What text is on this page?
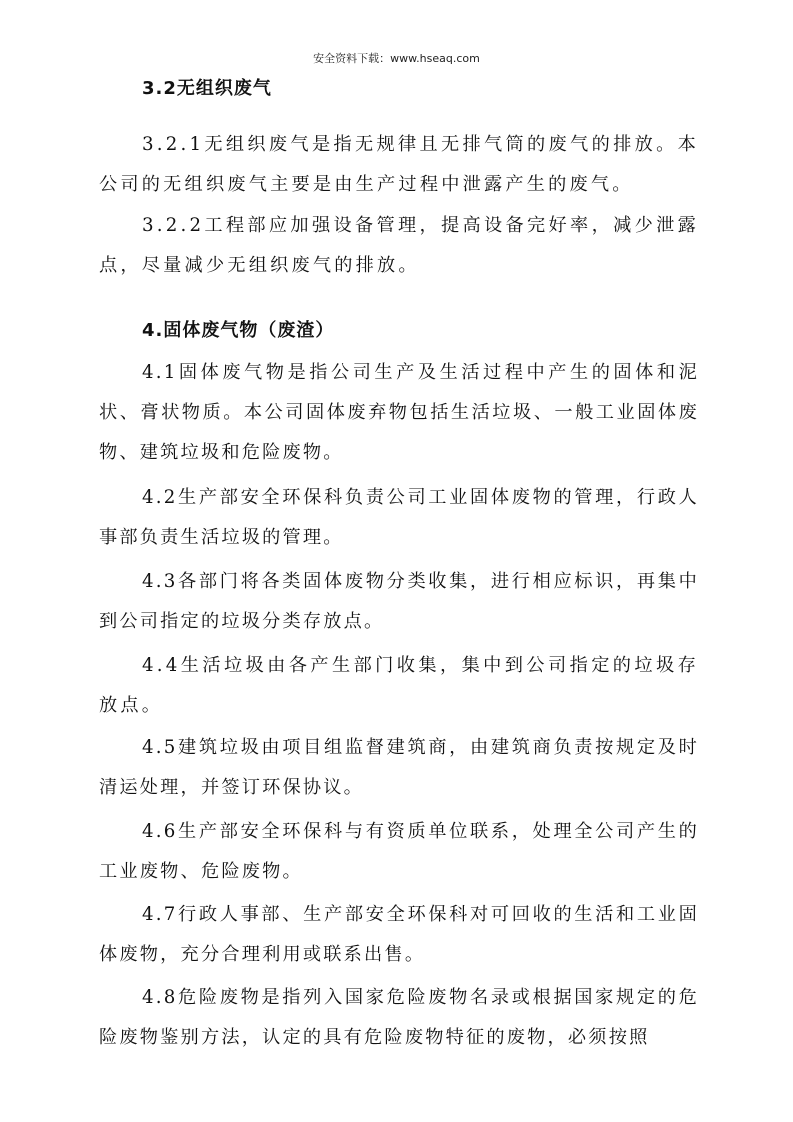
安全资料下载：www.hseaq.com
3.2无组织废气

3.2.1无组织废气是指无规律且无排气筒的废气的排放。本公司的无组织废气主要是由生产过程中泄露产生的废气。

3.2.2工程部应加强设备管理，提高设备完好率，减少泄露点，尽量减少无组织废气的排放。

4.固体废气物（废渣）

4.1固体废气物是指公司生产及生活过程中产生的固体和泥状、膏状物质。本公司固体废弃物包括生活垃圾、一般工业固体废物、建筑垃圾和危险废物。

4.2生产部安全环保科负责公司工业固体废物的管理，行政人事部负责生活垃圾的管理。

4.3各部门将各类固体废物分类收集，进行相应标识，再集中到公司指定的垃圾分类存放点。

4.4生活垃圾由各产生部门收集，集中到公司指定的垃圾存放点。

4.5建筑垃圾由项目组监督建筑商，由建筑商负责按规定及时清运处理，并签订环保协议。

4.6生产部安全环保科与有资质单位联系，处理全公司产生的工业废物、危险废物。

4.7行政人事部、生产部安全环保科对可回收的生活和工业固体废物，充分合理利用或联系出售。

4.8危险废物是指列入国家危险废物名录或根据国家规定的危险废物鉴别方法，认定的具有危险废物特征的废物，必须按照
